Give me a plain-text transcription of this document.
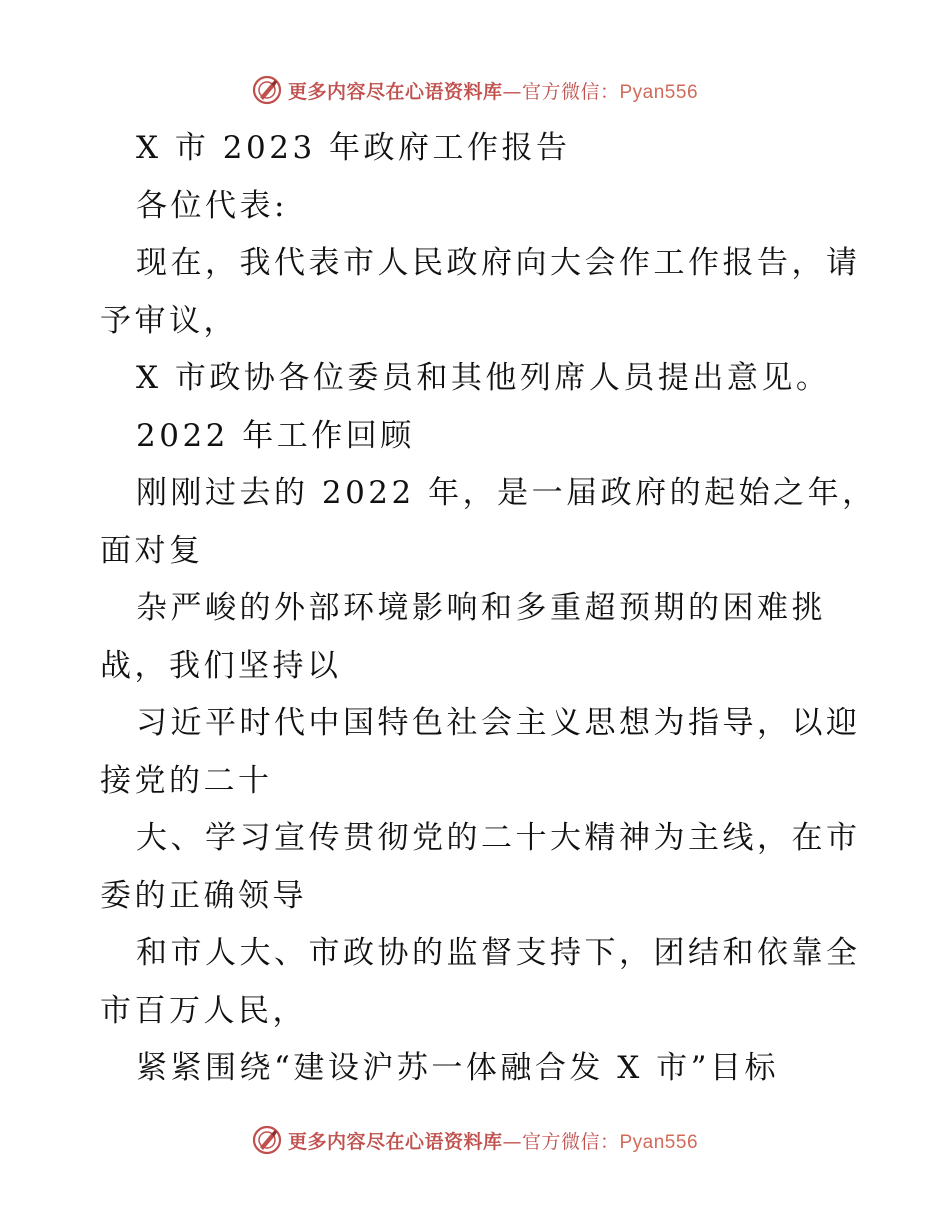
更多内容尽在心语资料库—官方微信：Pyan556
X 市 2023 年政府工作报告
各位代表:
现在，我代表市人民政府向大会作工作报告，请
予审议，
X 市政协各位委员和其他列席人员提出意见。
2022 年工作回顾
刚刚过去的 2022 年，是一届政府的起始之年，
面对复
杂严峻的外部环境影响和多重超预期的困难挑
战，我们坚持以
习近平时代中国特色社会主义思想为指导，以迎
接党的二十
大、学习宣传贯彻党的二十大精神为主线，在市
委的正确领导
和市人大、市政协的监督支持下，团结和依靠全
市百万人民，
紧紧围绕“建设沪苏一体融合发 X 市”目标
更多内容尽在心语资料库—官方微信：Pyan556
